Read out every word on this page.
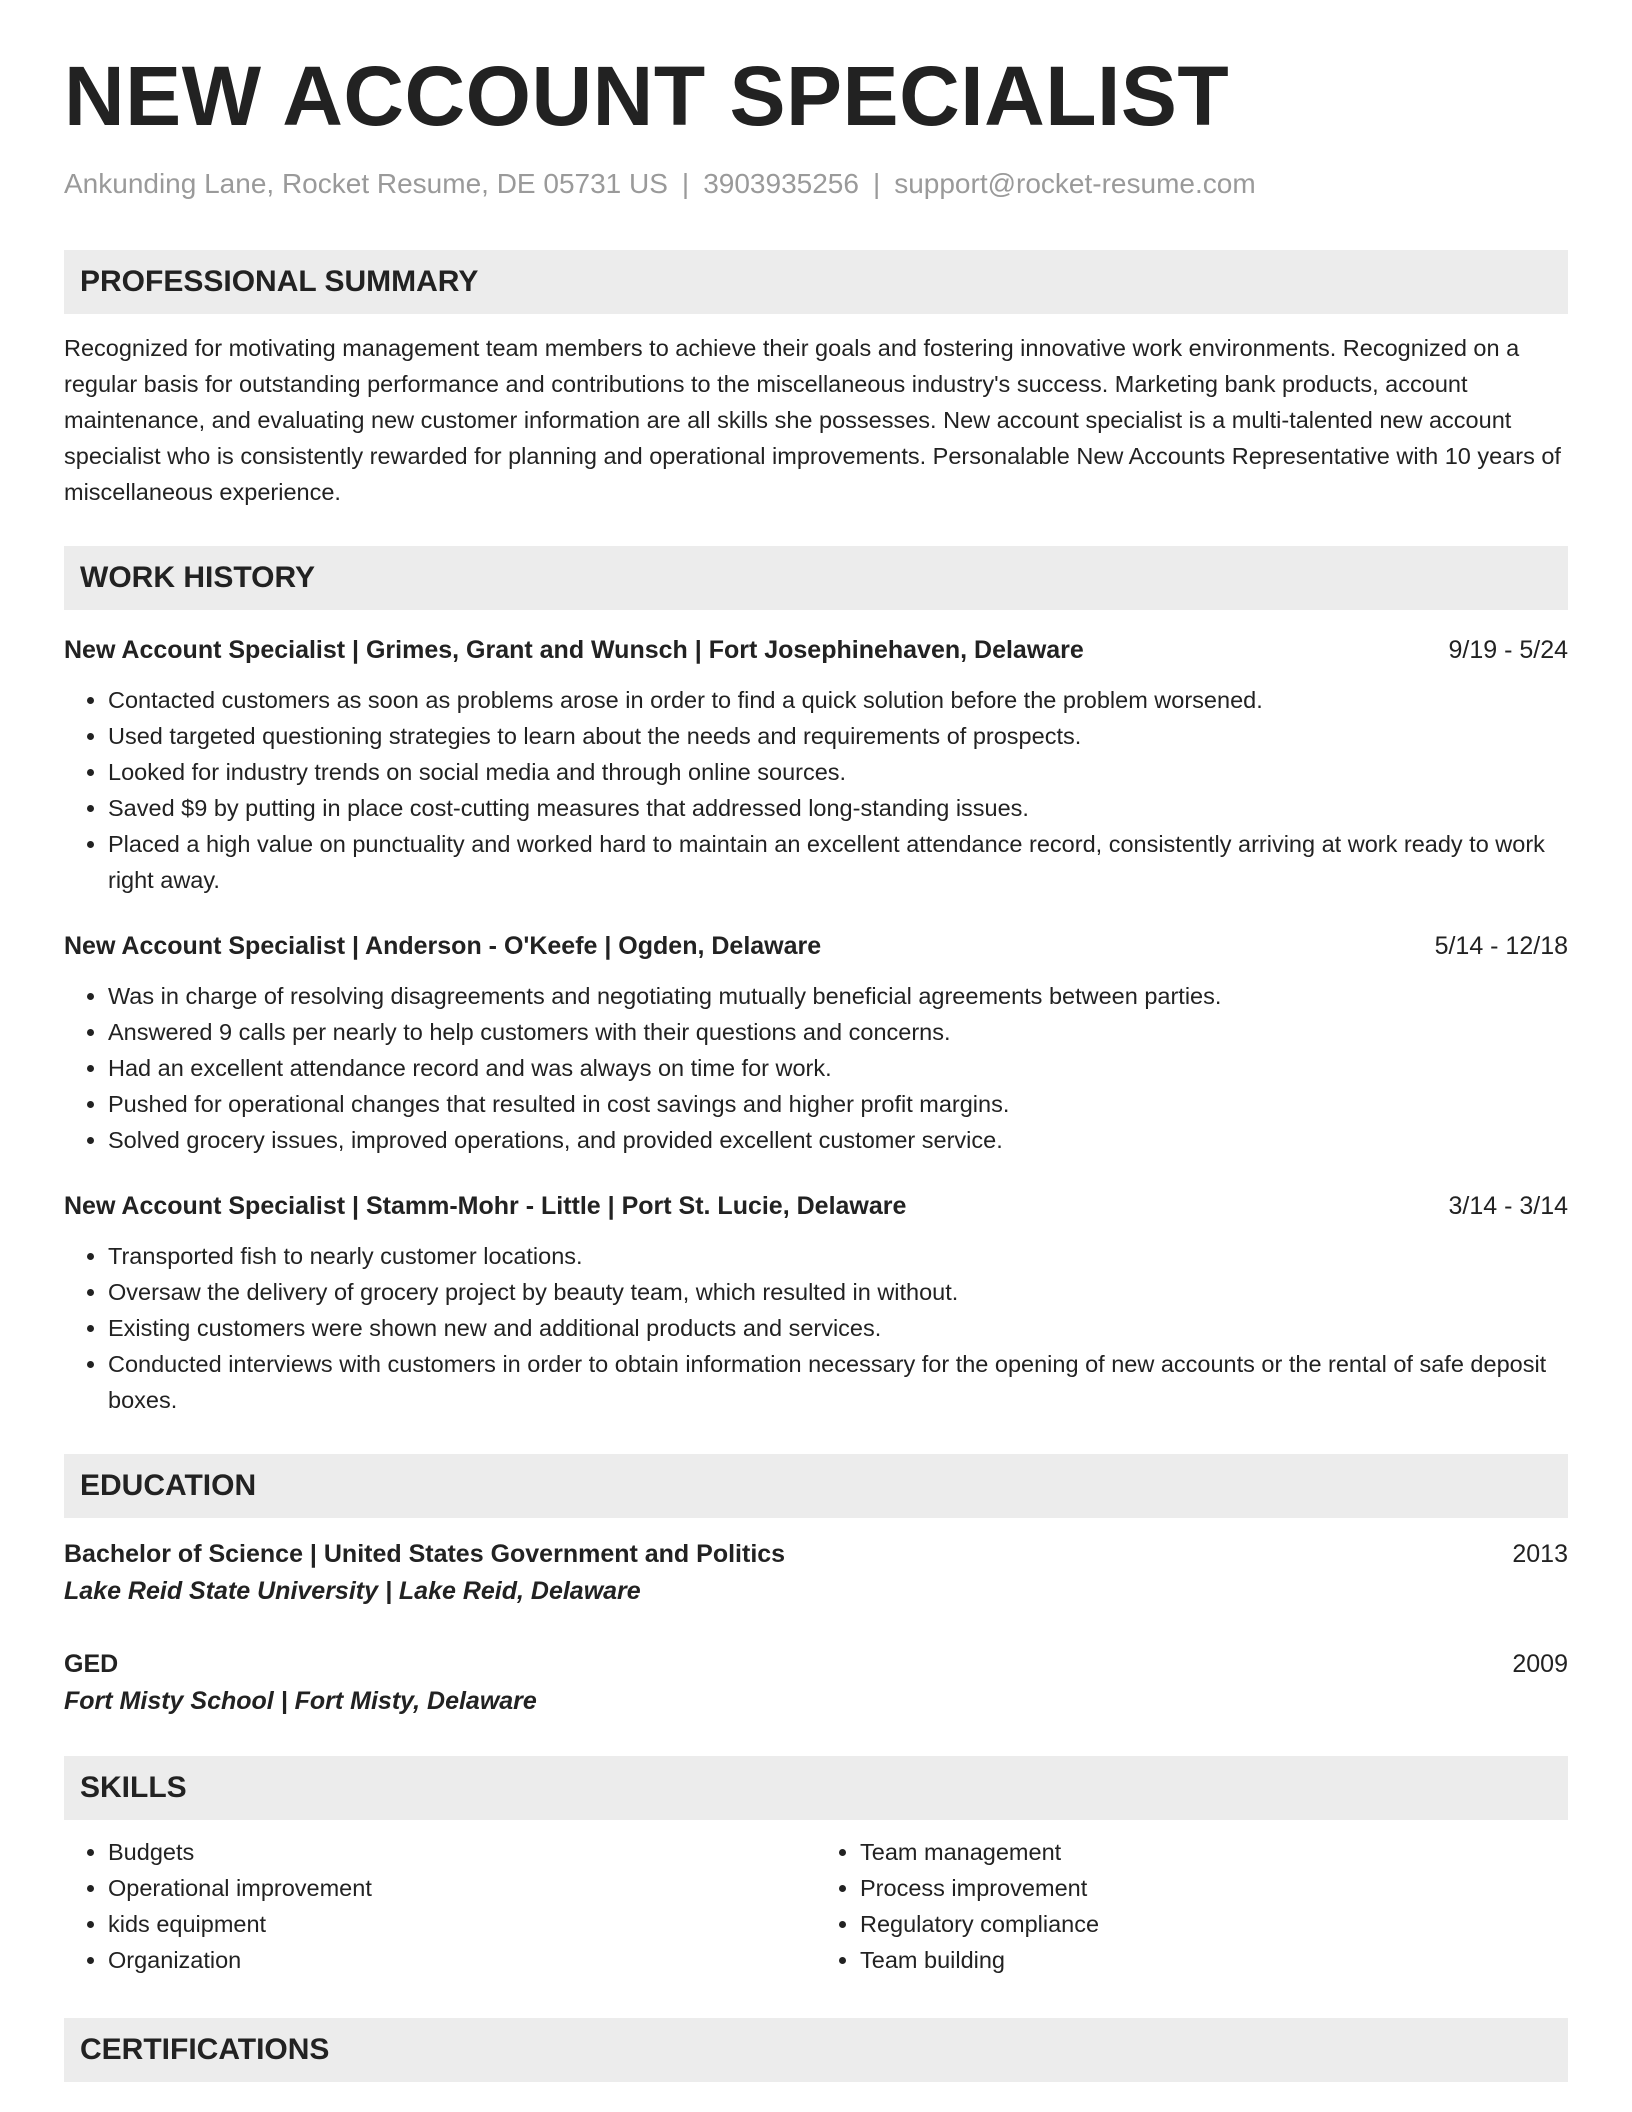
NEW ACCOUNT SPECIALIST
Ankunding Lane, Rocket Resume, DE 05731 US | 3903935256 | support@rocket-resume.com
PROFESSIONAL SUMMARY
Recognized for motivating management team members to achieve their goals and fostering innovative work environments. Recognized on a regular basis for outstanding performance and contributions to the miscellaneous industry's success. Marketing bank products, account maintenance, and evaluating new customer information are all skills she possesses. New account specialist is a multi-talented new account specialist who is consistently rewarded for planning and operational improvements. Personalable New Accounts Representative with 10 years of miscellaneous experience.
WORK HISTORY
New Account Specialist | Grimes, Grant and Wunsch | Fort Josephinehaven, Delaware	9/19 - 5/24
• Contacted customers as soon as problems arose in order to find a quick solution before the problem worsened.
• Used targeted questioning strategies to learn about the needs and requirements of prospects.
• Looked for industry trends on social media and through online sources.
• Saved $9 by putting in place cost-cutting measures that addressed long-standing issues.
• Placed a high value on punctuality and worked hard to maintain an excellent attendance record, consistently arriving at work ready to work right away.
New Account Specialist | Anderson - O'Keefe | Ogden, Delaware	5/14 - 12/18
• Was in charge of resolving disagreements and negotiating mutually beneficial agreements between parties.
• Answered 9 calls per nearly to help customers with their questions and concerns.
• Had an excellent attendance record and was always on time for work.
• Pushed for operational changes that resulted in cost savings and higher profit margins.
• Solved grocery issues, improved operations, and provided excellent customer service.
New Account Specialist | Stamm-Mohr - Little | Port St. Lucie, Delaware	3/14 - 3/14
• Transported fish to nearly customer locations.
• Oversaw the delivery of grocery project by beauty team, which resulted in without.
• Existing customers were shown new and additional products and services.
• Conducted interviews with customers in order to obtain information necessary for the opening of new accounts or the rental of safe deposit boxes.
EDUCATION
Bachelor of Science | United States Government and Politics	2013
Lake Reid State University | Lake Reid, Delaware
GED	2009
Fort Misty School | Fort Misty, Delaware
SKILLS
• Budgets
• Operational improvement
• kids equipment
• Organization
• Team management
• Process improvement
• Regulatory compliance
• Team building
CERTIFICATIONS
